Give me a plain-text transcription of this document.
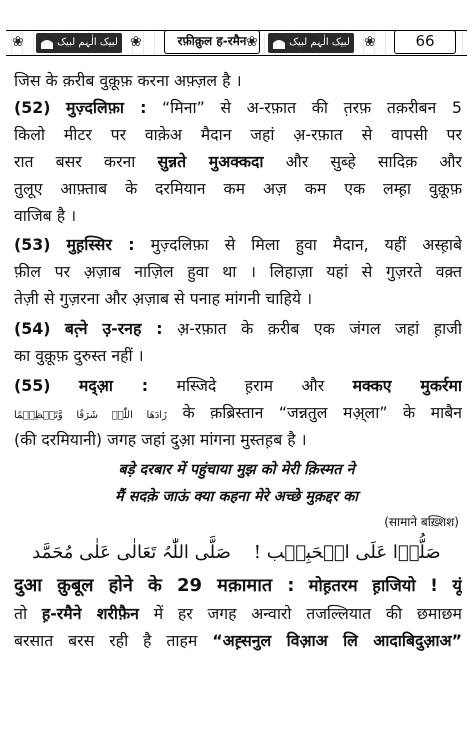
❀	لبیک الٰہم لبیک ❀	रफ़ीक़ुल ह-रमैन ❀	لبیک الٰہم لبیک ❀	66
जिस के क़रीब वुक़ूफ़ करना अफ़्ज़ल है ।
(52) मुज़्दलिफ़ा : “मिना” से अ-रफ़ात की त़रफ़ तक़रीबन 5
किलो मीटर पर वाक़ेअ मैदान जहां अ़-रफ़ात से वापसी पर
रात बसर करना सुन्नते मुअक्कदा और सुब्हे सादिक़ और
तुलूए आफ़्ताब के दरमियान कम अज़ कम एक लम्ह़ा वुक़ूफ़
वाजिब है ।
(53) मुह़स्सिर : मुज़्दलिफ़ा से मिला हुवा मैदान, यहीं अस्ह़ाबे
फ़ील पर अ़ज़ाब नाज़िल हुवा था । लिहाज़ा यहां से गुज़रते वक़्त
तेज़ी से गुज़रना और अ़ज़ाब से पनाह मांगनी चाहिये ।
(54) बत़्ने उ़-रनह : अ़-रफ़ात के क़रीब एक जंगल जहां ह़ाजी
का वुक़ूफ़ दुरुस्त नहीं ।
(55) मद्आ़ : मस्जिदे ह़राम और मक्कए मुकर्रमा
زَادَھَا اللّٰہُ شَرَفًا وَّتَعۡظِیۡمًا के क़ब्रिस्तान “जन्नतुल मअ़्ला” के माबैन
(की दरमियानी) जगह जहां दुआ़ मांगना मुस्तह़ब है ।
बड़े दरबार में पहुंचाया मुझ को मेरी क़िस्मत ने
मैं सदक़े जाऊं क्या कहना मेरे अच्छे मुक़द्दर का
(सामाने बख़्शिश)
صَلُّوۡا عَلَی الۡحَبِیۡب !    صَلَّی اللّٰہُ تَعَالٰی عَلٰی مُحَمَّد
दुआ क़ुबूल होने के 29 मक़ामात : मोह़तरम ह़ाजियो ! यूं
तो ह़-रमैने शरीफ़ैन में हर जगह अन्वारो तजल्लियात की छमाछम
बरसात बरस रही है ताहम “अह़्सनुल विआ़अ लि आदाबिदुआ़अ”
